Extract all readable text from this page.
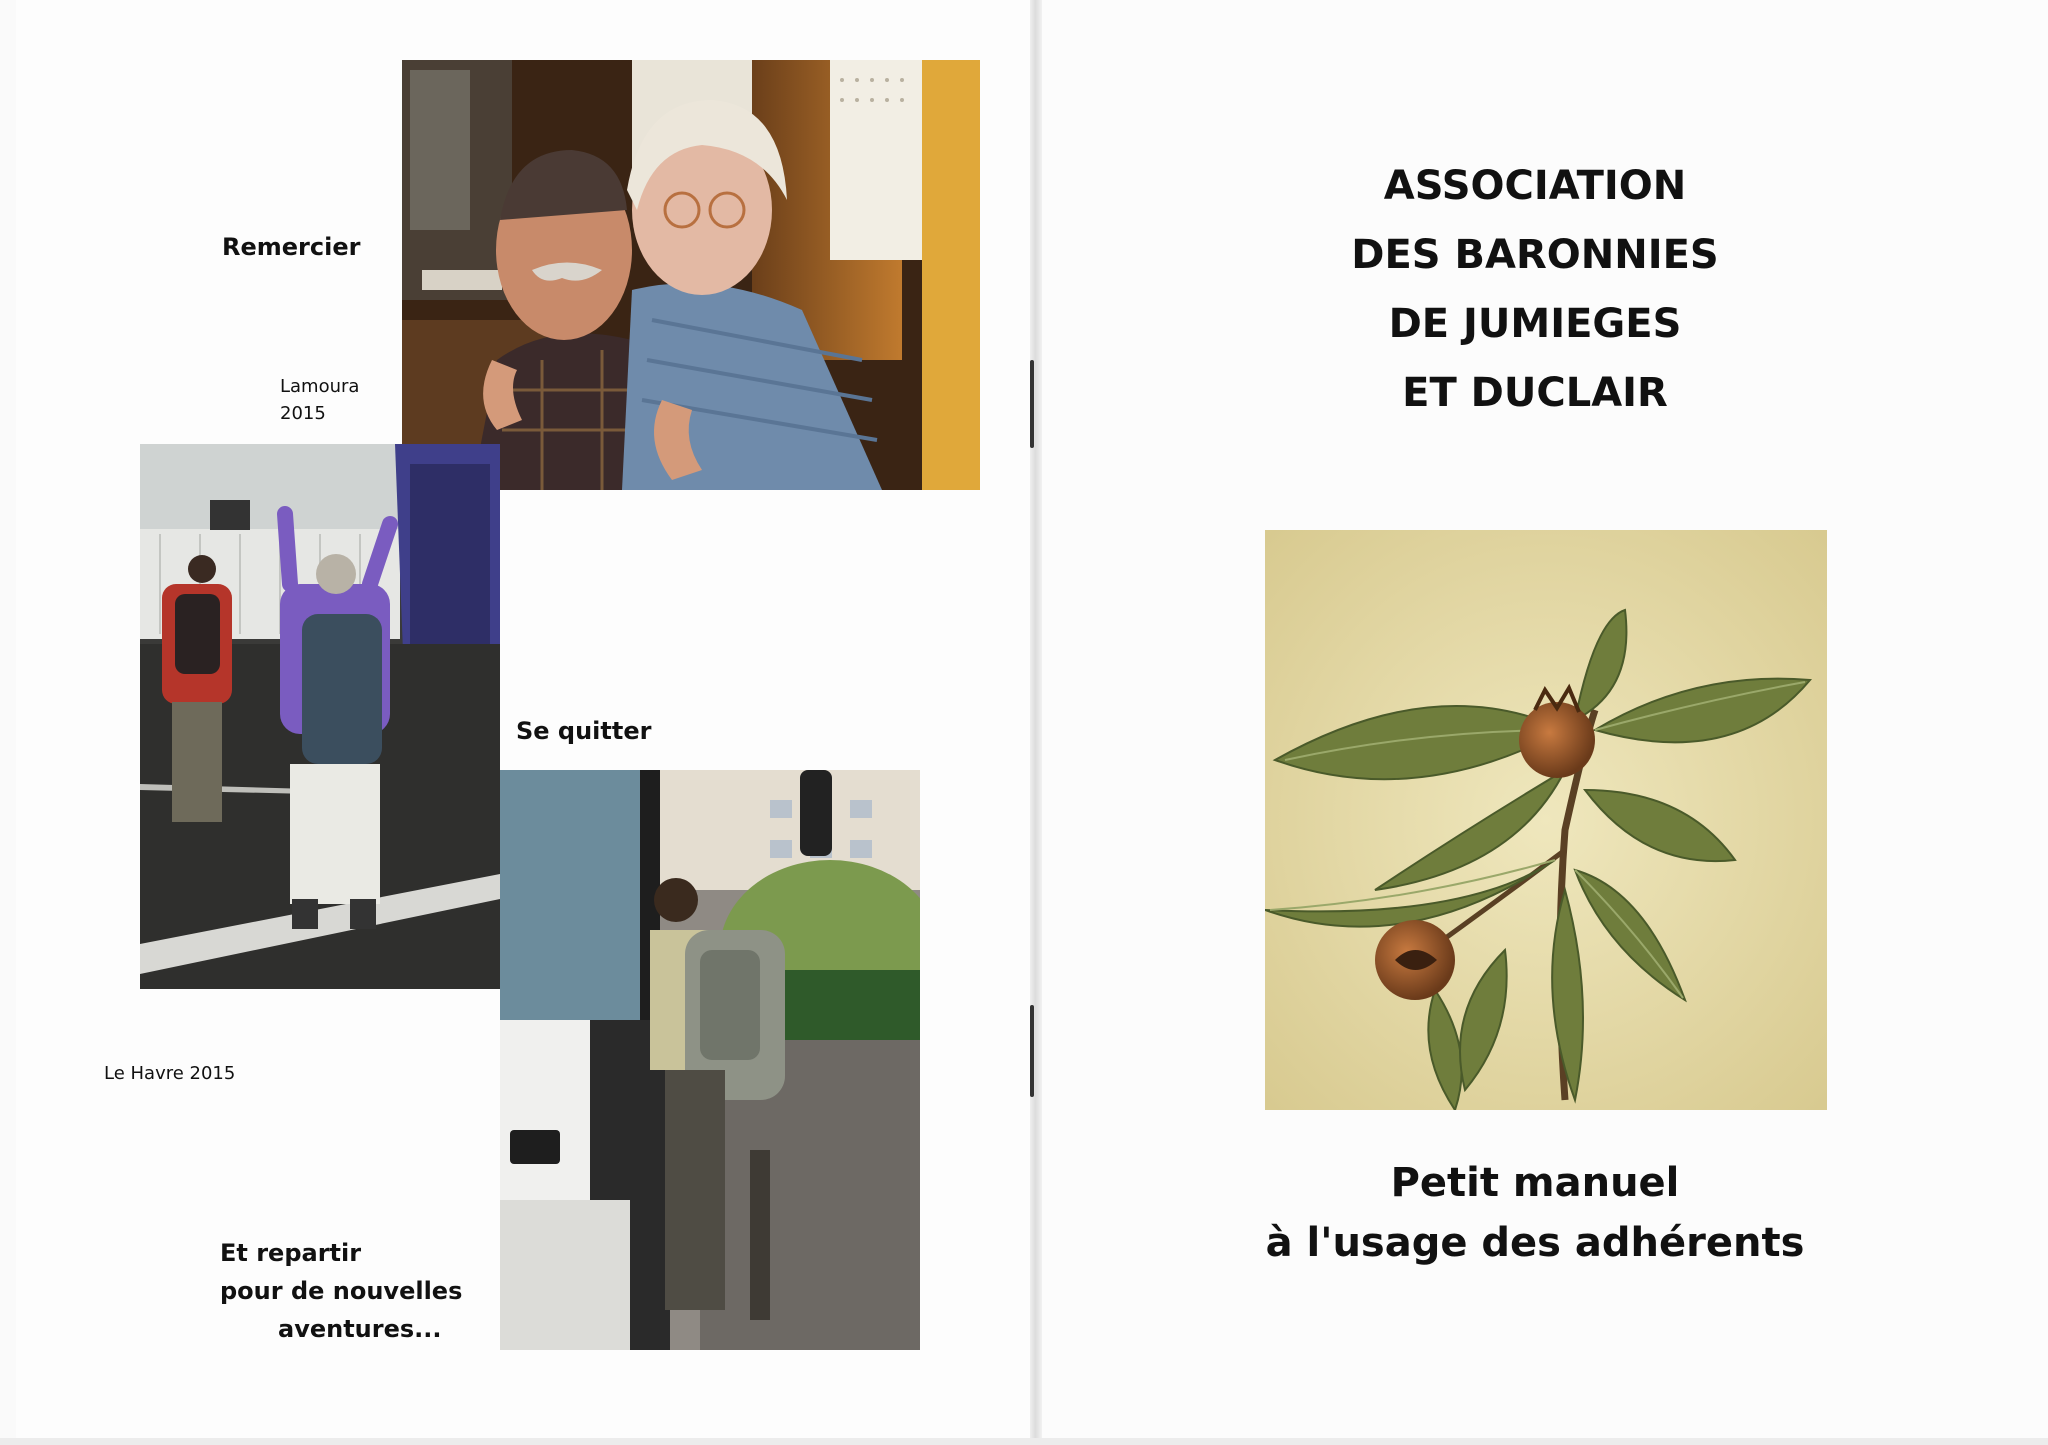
Remercier
Lamoura
2015
Se quitter
Le Havre 2015
Et repartir
pour de nouvelles
aventures...
ASSOCIATION
DES BARONNIES
DE JUMIEGES
ET DUCLAIR
Petit manuel
à l'usage des adhérents
